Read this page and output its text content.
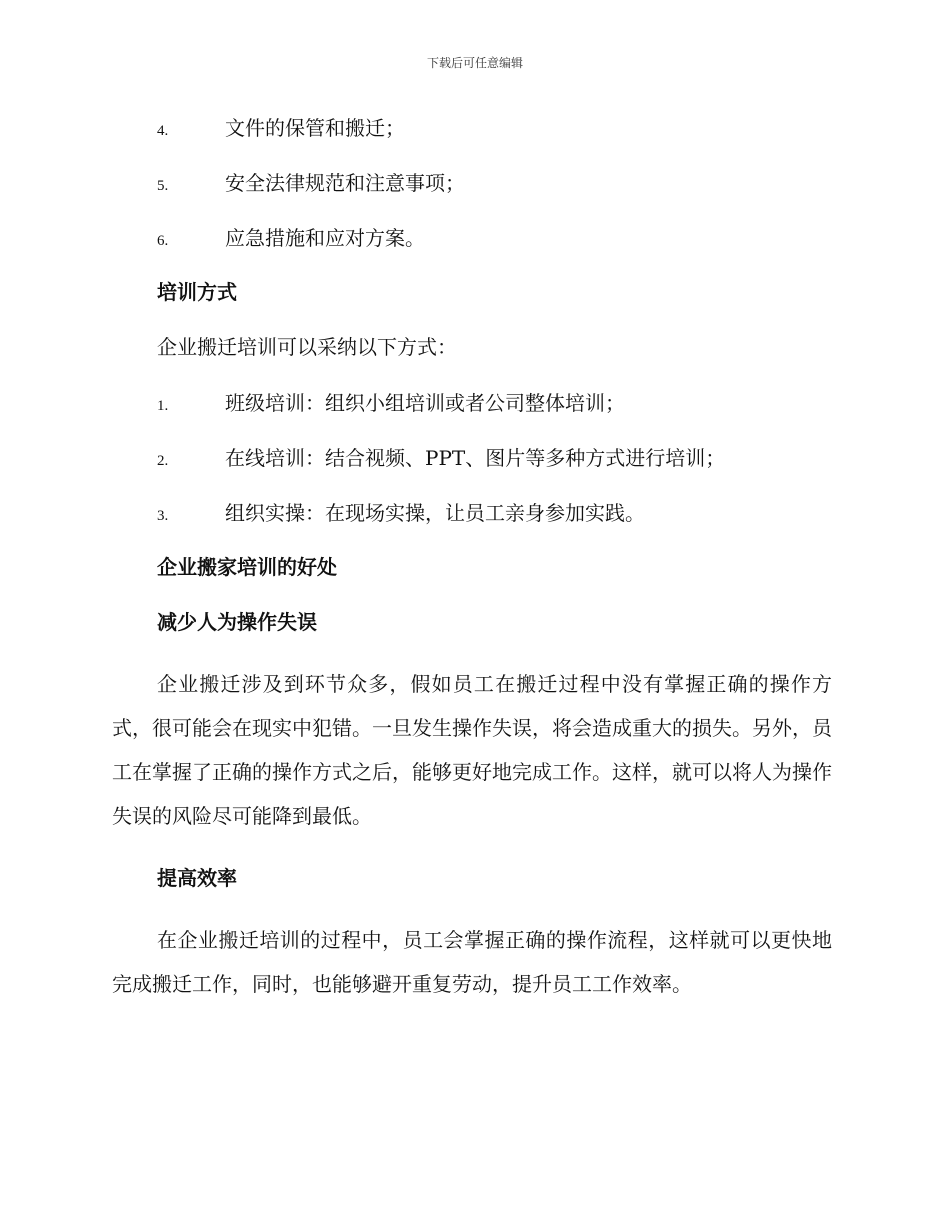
下载后可任意编辑
4.	文件的保管和搬迁；
5.	安全法律规范和注意事项；
6.	应急措施和应对方案。
培训方式
企业搬迁培训可以采纳以下方式：
1.	班级培训：组织小组培训或者公司整体培训；
2.	在线培训：结合视频、PPT、图片等多种方式进行培训；
3.	组织实操：在现场实操，让员工亲身参加实践。
企业搬家培训的好处
减少人为操作失误

企业搬迁涉及到环节众多，假如员工在搬迁过程中没有掌握正确的操作方式，很可能会在现实中犯错。一旦发生操作失误，将会造成重大的损失。另外，员工在掌握了正确的操作方式之后，能够更好地完成工作。这样，就可以将人为操作失误的风险尽可能降到最低。

提高效率

在企业搬迁培训的过程中，员工会掌握正确的操作流程，这样就可以更快地完成搬迁工作，同时，也能够避开重复劳动，提升员工工作效率。
